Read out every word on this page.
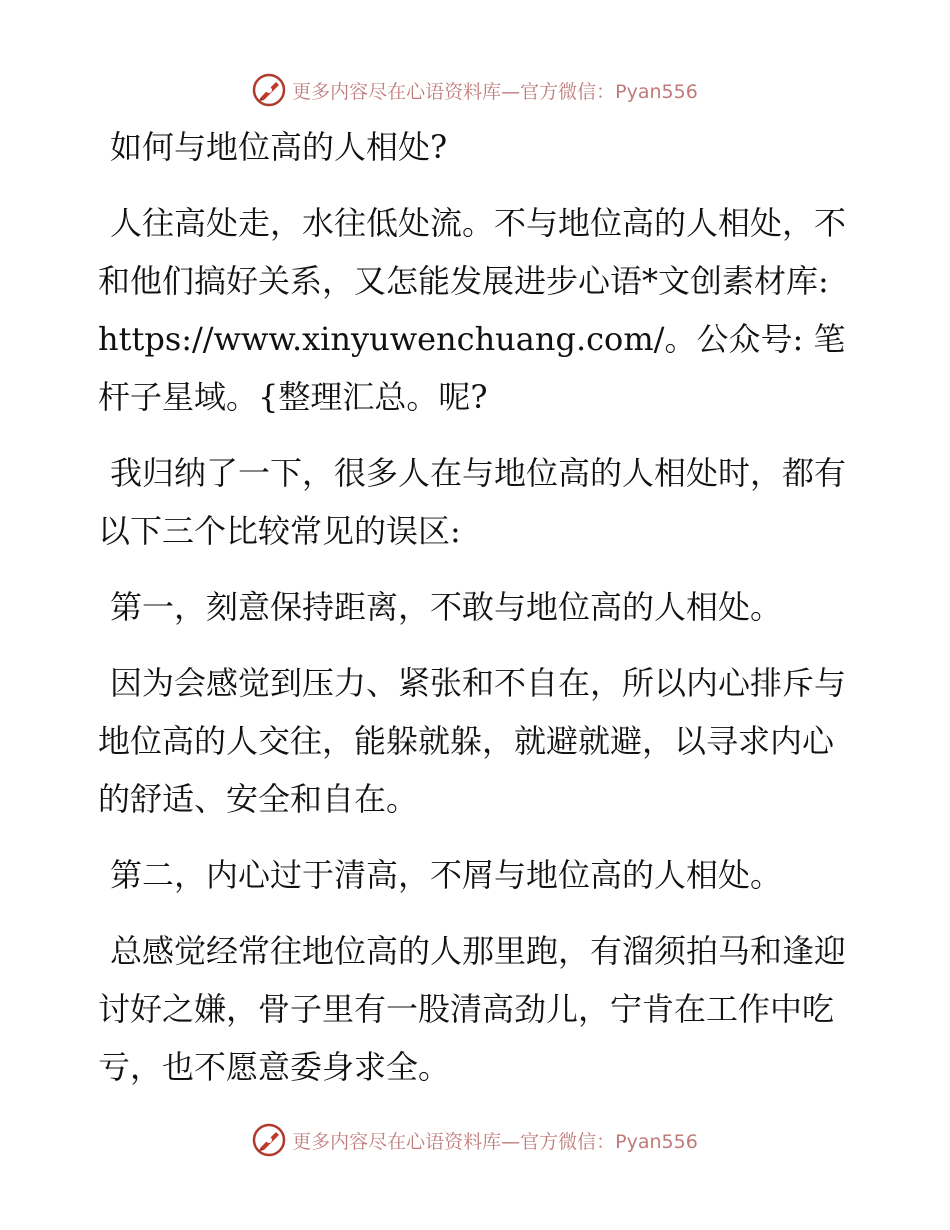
更多内容尽在心语资料库—官方微信：Pyan556

如何与地位高的人相处?

人往高处走，水往低处流。不与地位高的人相处，不和他们搞好关系，又怎能发展进步心语*文创素材库: https://www.xinyuwenchuang.com/。公众号: 笔杆子星域。{整理汇总。呢?

我归纳了一下，很多人在与地位高的人相处时，都有以下三个比较常见的误区:

第一，刻意保持距离，不敢与地位高的人相处。

因为会感觉到压力、紧张和不自在，所以内心排斥与地位高的人交往，能躲就躲，就避就避，以寻求内心的舒适、安全和自在。

第二，内心过于清高，不屑与地位高的人相处。

总感觉经常往地位高的人那里跑，有溜须拍马和逢迎讨好之嫌，骨子里有一股清高劲儿，宁肯在工作中吃亏，也不愿意委身求全。

更多内容尽在心语资料库—官方微信：Pyan556
